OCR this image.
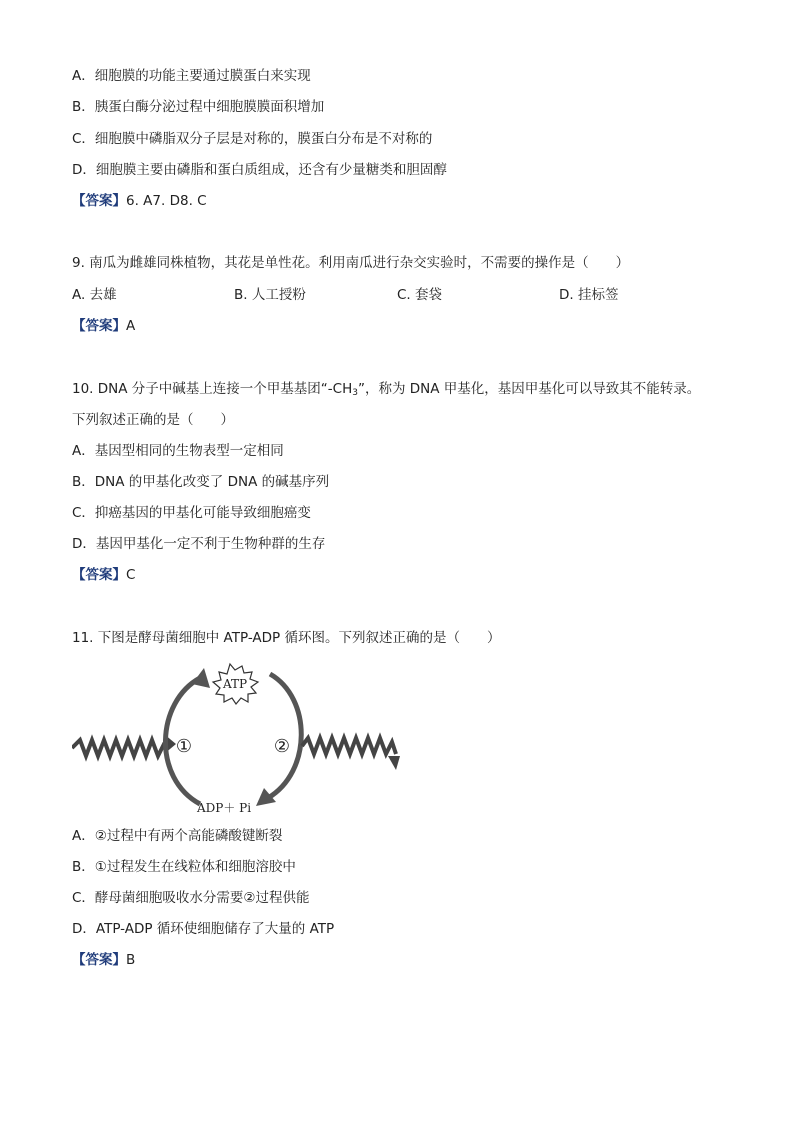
A．细胞膜的功能主要通过膜蛋白来实现
B．胰蛋白酶分泌过程中细胞膜膜面积增加
C．细胞膜中磷脂双分子层是对称的，膜蛋白分布是不对称的
D．细胞膜主要由磷脂和蛋白质组成，还含有少量糖类和胆固醇
【答案】6. A7. D8. C
9. 南瓜为雌雄同株植物，其花是单性花。利用南瓜进行杂交实验时，不需要的操作是（　　）
A. 去雄	B. 人工授粉	C. 套袋	D. 挂标签
【答案】A
10. DNA 分子中碱基上连接一个甲基基团“$-CH_3$”，称为 DNA 甲基化，基因甲基化可以导致其不能转录。
下列叙述正确的是（　　）
A．基因型相同的生物表型一定相同
B．DNA 的甲基化改变了 DNA 的碱基序列
C．抑癌基因的甲基化可能导致细胞癌变
D．基因甲基化一定不利于生物种群的生存
【答案】C
11. 下图是酵母菌细胞中 ATP-ADP 循环图。下列叙述正确的是（　　）
ATP
①	②
ADP＋ Pi
A．②过程中有两个高能磷酸键断裂
B．①过程发生在线粒体和细胞溶胶中
C．酵母菌细胞吸收水分需要②过程供能
D．ATP-ADP 循环使细胞储存了大量的 ATP
【答案】B
